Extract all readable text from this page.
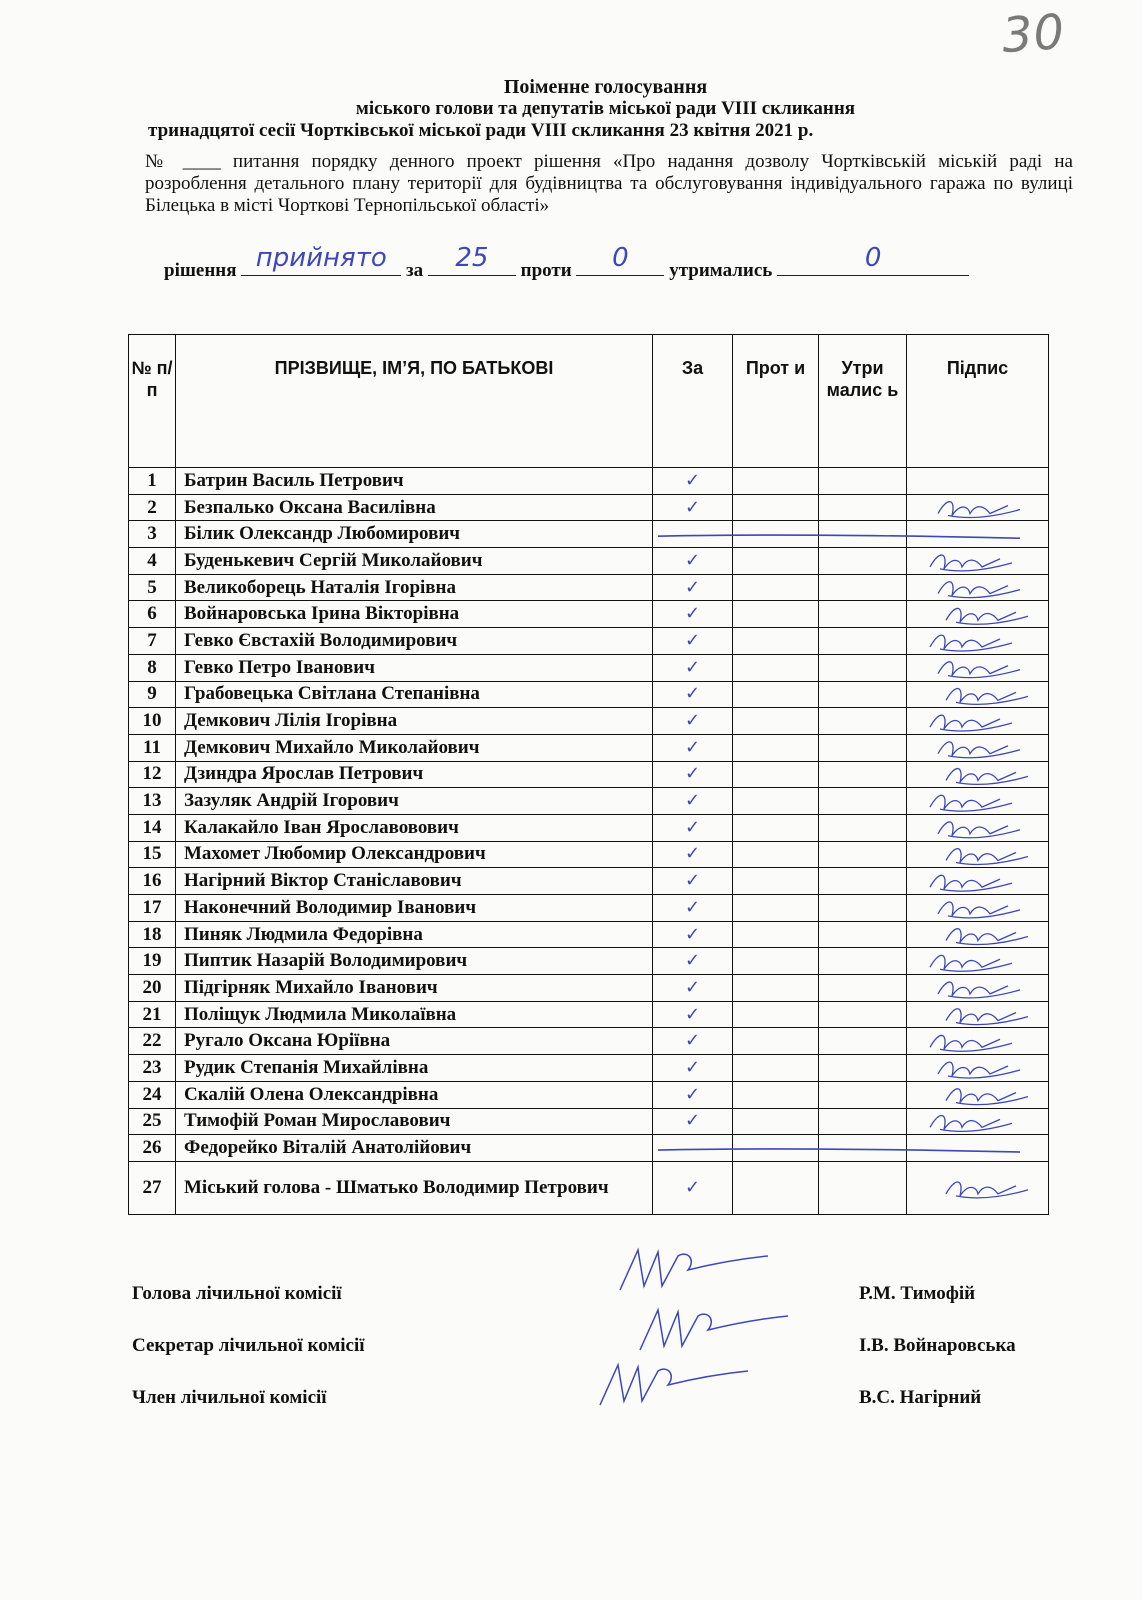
30
Поіменне голосування
міського голови та депутатів міської ради VIII скликання
тринадцятої сесії Чортківської міської ради VIII скликання 23 квітня 2021 р.
№ ____ питання порядку денного проект рішення «Про надання дозволу Чортківській міській раді на розроблення детального плану території для будівництва та обслуговування індивідуального гаража по вулиці Білецька в місті Чорткові Тернопільської області»
рішення прийнято	за	25	проти	0	утримались	0
№ п/п	ПРІЗВИЩЕ, ІМ’Я, ПО БАТЬКОВІ	За	Прот и	Утри малис ь	Підпис
1	Батрин Василь Петрович	✓			

2	Безпалько Оксана Василівна	✓			

3	Білик Олександр Любомирович				
4	Буденькевич Сергій Миколайович	✓			

5	Великоборець Наталія Ігорівна	✓			

6	Войнаровська Ірина Вікторівна	✓			

7	Гевко Євстахій Володимирович	✓			

8	Гевко Петро Іванович	✓			

9	Грабовецька Світлана Степанівна	✓			

10	Демкович Лілія Ігорівна	✓			

11	Демкович Михайло Миколайович	✓			

12	Дзиндра Ярослав Петрович	✓			

13	Зазуляк Андрій Ігорович	✓			

14	Калакайло Іван Ярославовович	✓			

15	Махомет Любомир Олександрович	✓			

16	Нагірний Віктор Станіславович	✓			

17	Наконечний Володимир Іванович	✓			

18	Пиняк Людмила Федорівна	✓			

19	Пиптик Назарій Володимирович	✓			

20	Підгірняк Михайло Іванович	✓			

21	Поліщук Людмила Миколаївна	✓			

22	Ругало Оксана Юріївна	✓			

23	Рудик Степанія Михайлівна	✓			

24	Скалій Олена Олександрівна	✓			

25	Тимофій Роман Мирославович	✓			

26	Федорейко Віталій Анатолійович				
27	Міський голова - Шматько Володимир Петрович	✓			

Голова лічильної комісії	Р.М. Тимофій
Секретар лічильної комісії	І.В. Войнаровська
Член лічильної комісії	В.С. Нагірний
